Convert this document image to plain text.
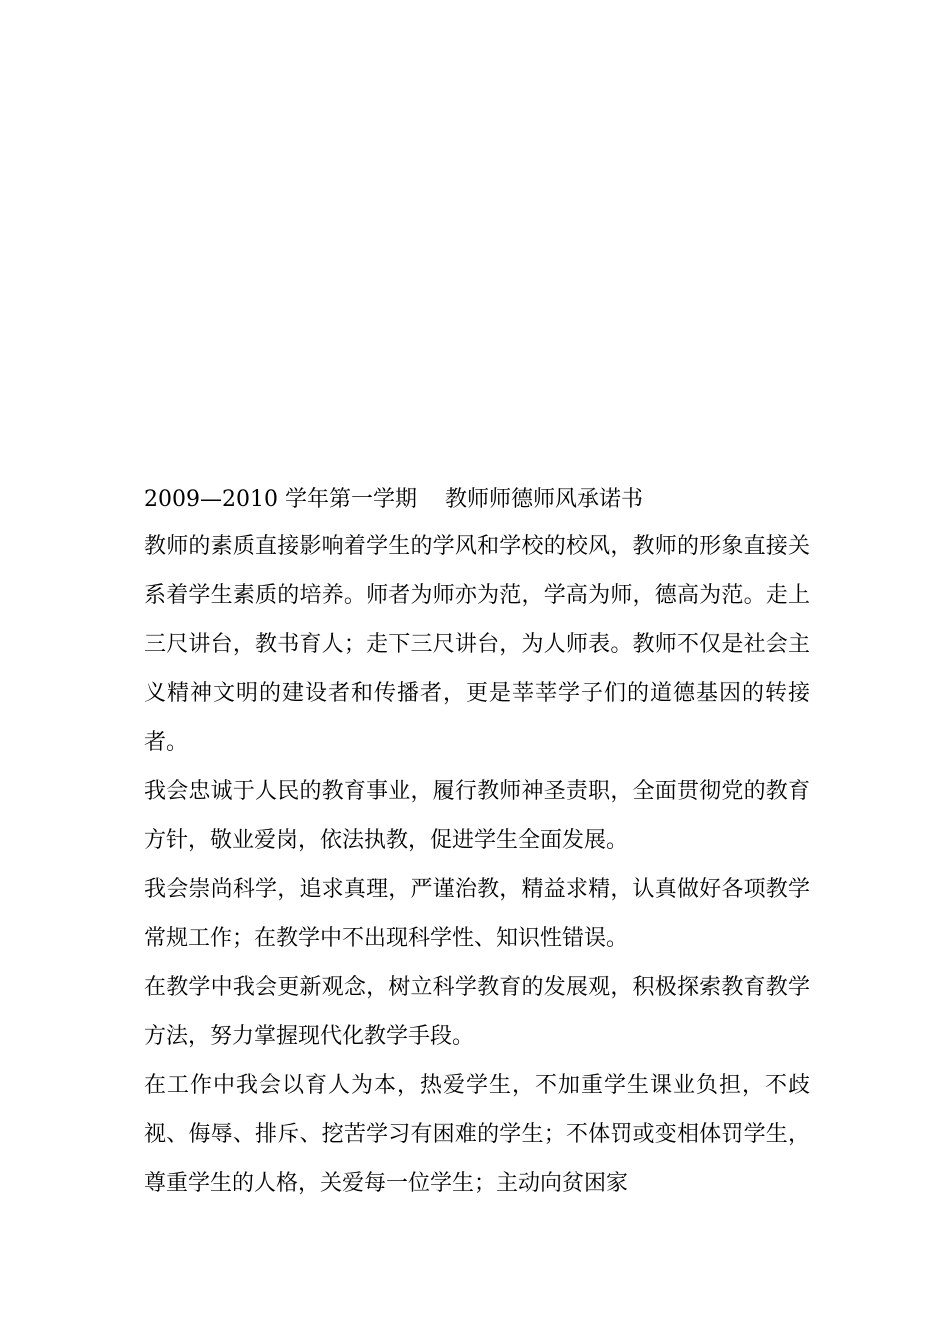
2009—2010 学年第一学期 教师师德师风承诺书

教师的素质直接影响着学生的学风和学校的校风，教师的形象直接关系着学生素质的培养。师者为师亦为范，学高为师，德高为范。走上三尺讲台，教书育人；走下三尺讲台，为人师表。教师不仅是社会主义精神文明的建设者和传播者，更是莘莘学子们的道德基因的转接者。

我会忠诚于人民的教育事业，履行教师神圣责职，全面贯彻党的教育方针，敬业爱岗，依法执教，促进学生全面发展。

我会崇尚科学，追求真理，严谨治教，精益求精，认真做好各项教学常规工作；在教学中不出现科学性、知识性错误。

在教学中我会更新观念，树立科学教育的发展观，积极探索教育教学方法，努力掌握现代化教学手段。

在工作中我会以育人为本，热爱学生，不加重学生课业负担，不歧视、侮辱、排斥、挖苦学习有困难的学生；不体罚或变相体罚学生，尊重学生的人格，关爱每一位学生；主动向贫困家
